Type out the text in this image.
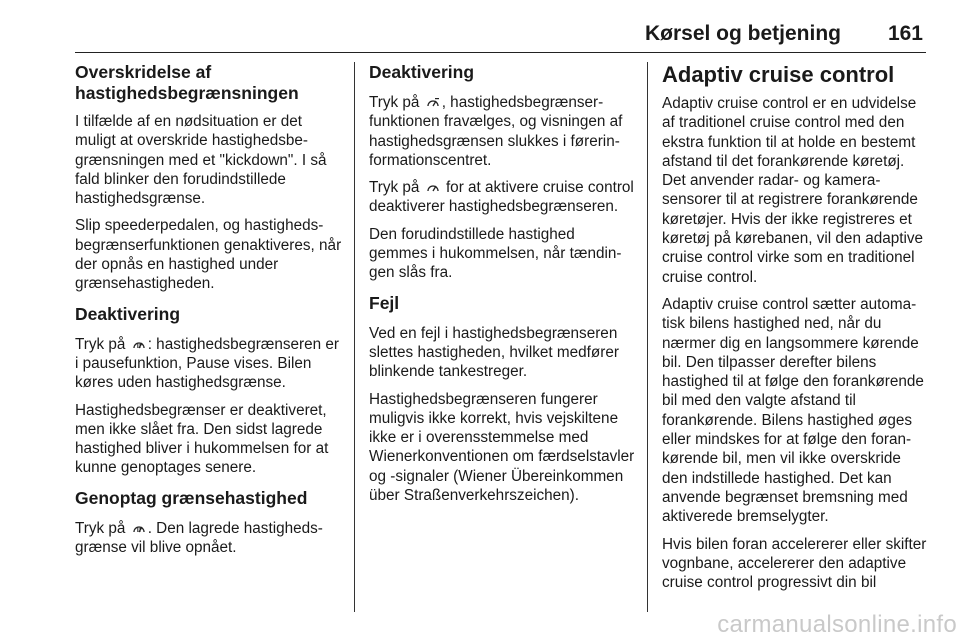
Kørsel og betjening 161
Overskridelse af hastighedsbegrænsningen

I tilfælde af en nødsituation er det muligt at overskride hastighedsbegrænsningen med et "kickdown". I så fald blinker den forudindstillede hastighedsgrænse.

Slip speederpedalen, og hastighedsbegrænserfunktionen genaktiveres, når der opnås en hastighed under grænsehastigheden.

Deaktivering

Tryk på : hastighedsbegrænseren er i pausefunktion, Pause vises. Bilen køres uden hastighedsgrænse.

Hastighedsbegrænser er deaktiveret, men ikke slået fra. Den sidst lagrede hastighed bliver i hukommelsen for at kunne genoptages senere.

Genoptag grænsehastighed

Tryk på . Den lagrede hastighedsgrænse vil blive opnået.

Deaktivering

Tryk på , hastighedsbegrænserfunktionen fravælges, og visningen af hastighedsgrænsen slukkes i førerinformationscentret.

Tryk på for at aktivere cruise control deaktiverer hastighedsbegrænseren.

Den forudindstillede hastighed gemmes i hukommelsen, når tændingen slås fra.

Fejl

Ved en fejl i hastighedsbegrænseren slettes hastigheden, hvilket medfører blinkende tankestreger.

Hastighedsbegrænseren fungerer muligvis ikke korrekt, hvis vejskiltene ikke er i overensstemmelse med Wienerkonventionen om færdselstavler og -signaler (Wiener Übereinkommen über Straßenverkehrszeichen).

Adaptiv cruise control

Adaptiv cruise control er en udvidelse af traditionel cruise control med den ekstra funktion til at holde en bestemt afstand til det forankørende køretøj. Det anvender radar- og kamerasensorer til at registrere forankørende køretøjer. Hvis der ikke registreres et køretøj på kørebanen, vil den adaptive cruise control virke som en traditionel cruise control.

Adaptiv cruise control sætter automatisk bilens hastighed ned, når du nærmer dig en langsommere kørende bil. Den tilpasser derefter bilens hastighed til at følge den forankørende bil med den valgte afstand til forankørende. Bilens hastighed øges eller mindskes for at følge den forankørende bil, men vil ikke overskride den indstillede hastighed. Det kan anvende begrænset bremsning med aktiverede bremselygter.

Hvis bilen foran accelererer eller skifter vognbane, accelererer den adaptive cruise control progressivt din bil

carmanualsonline.info
